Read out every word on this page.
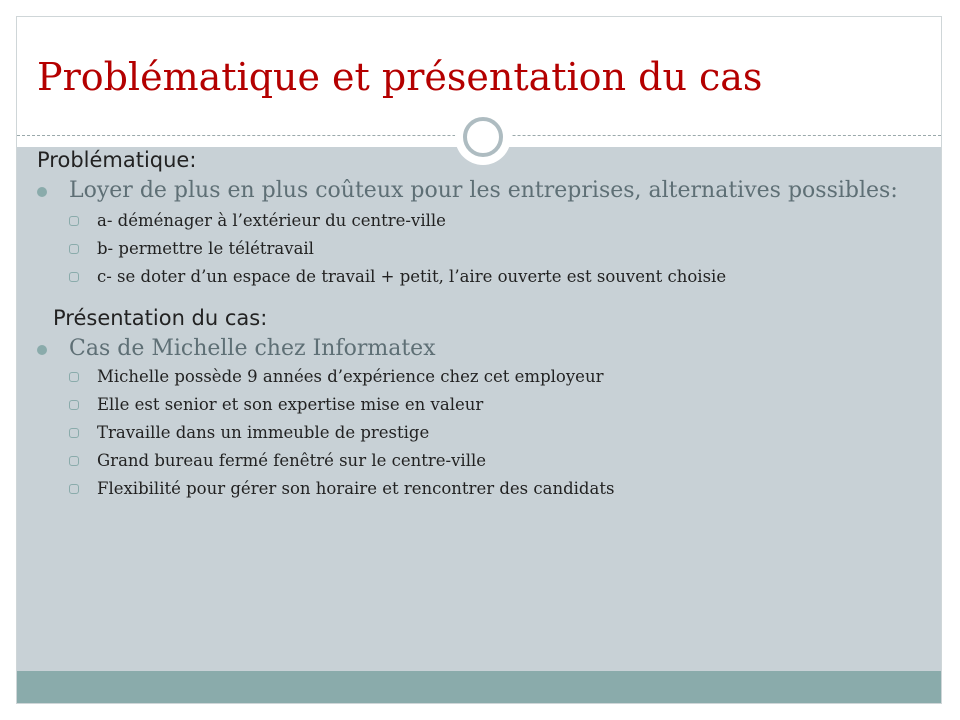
Problématique et présentation du cas

Problématique:

Loyer de plus en plus coûteux pour les entreprises, alternatives possibles:
a- déménager à l’extérieur du centre-ville
b- permettre le télétravail
c- se doter d’un espace de travail + petit, l’aire ouverte est souvent choisie

Présentation du cas:

Cas de Michelle chez Informatex
Michelle possède 9 années d’expérience chez cet employeur
Elle est senior et son expertise mise en valeur
Travaille dans un immeuble de prestige
Grand bureau fermé fenêtré sur le centre-ville
Flexibilité pour gérer son horaire et rencontrer des candidats
